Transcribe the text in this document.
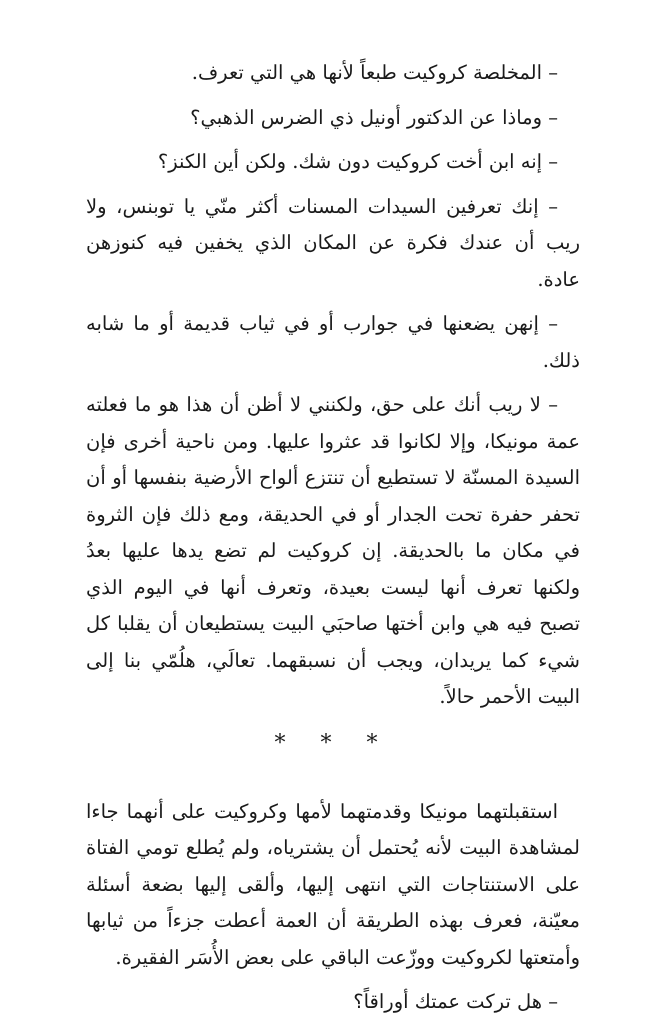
– المخلصة كروكيت طبعاً لأنها هي التي تعرف.

– وماذا عن الدكتور أونيل ذي الضرس الذهبي؟

– إنه ابن أخت كروكيت دون شك. ولكن أين الكنز؟

– إنك تعرفين السيدات المسنات أكثر منّي يا توبنس، ولا ريب أن عندك فكرة عن المكان الذي يخفين فيه كنوزهن عادة.

– إنهن يضعنها في جوارب أو في ثياب قديمة أو ما شابه ذلك.

– لا ريب أنك على حق، ولكنني لا أظن أن هذا هو ما فعلته عمة مونيكا، وإلا لكانوا قد عثروا عليها. ومن ناحية أخرى فإن السيدة المسنّة لا تستطيع أن تنتزع ألواح الأرضية بنفسها أو أن تحفر حفرة تحت الجدار أو في الحديقة، ومع ذلك فإن الثروة في مكان ما بالحديقة. إن كروكيت لم تضع يدها عليها بعدُ ولكنها تعرف أنها ليست بعيدة، وتعرف أنها في اليوم الذي تصبح فيه هي وابن أختها صاحبَي البيت يستطيعان أن يقلبا كل شيء كما يريدان، ويجب أن نسبقهما. تعالَي، هلُمّي بنا إلى البيت الأحمر حالاً.

* * *

استقبلتهما مونيكا وقدمتهما لأمها وكروكيت على أنهما جاءا لمشاهدة البيت لأنه يُحتمل أن يشترياه، ولم يُطلع تومي الفتاة على الاستنتاجات التي انتهى إليها، وألقى إليها بضعة أسئلة معيّنة، فعرف بهذه الطريقة أن العمة أعطت جزءاً من ثيابها وأمتعتها لكروكيت ووزّعت الباقي على بعض الأُسَر الفقيرة.

– هل تركت عمتك أوراقاً؟
